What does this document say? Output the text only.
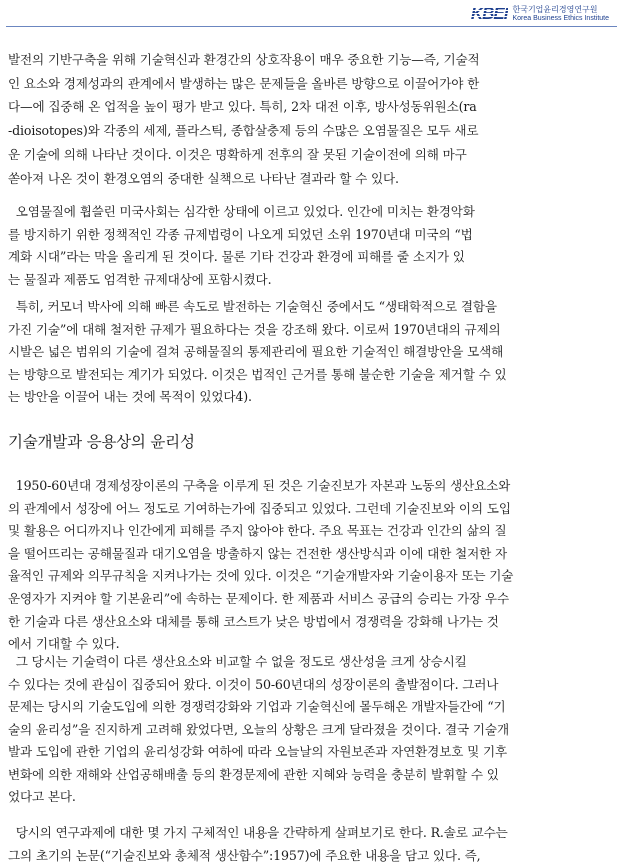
KBEI 한국기업윤리경영연구원
Korea Business Ethics Institute
발전의 기반구축을 위해 기술혁신과 환경간의 상호작용이 매우 중요한 기능—즉, 기술적
인 요소와 경제성과의 관계에서 발생하는 많은 문제들을 올바른 방향으로 이끌어가야 한
다—에 집중해 온 업적을 높이 평가 받고 있다. 특히, 2차 대전 이후, 방사성동위원소(ra
-dioisotopes)와 각종의 세제, 플라스틱, 종합살충제 등의 수많은 오염물질은 모두 새로
운 기술에 의해 나타난 것이다. 이것은 명확하게 전후의 잘 못된 기술이전에 의해 마구
쏟아져 나온 것이 환경오염의 중대한 실책으로 나타난 결과라 할 수 있다.
오염물질에 휩쓸린 미국사회는 심각한 상태에 이르고 있었다. 인간에 미치는 환경악화
를 방지하기 위한 정책적인 각종 규제법령이 나오게 되었던 소위 1970년대 미국의 “법
계화 시대”라는 막을 올리게 된 것이다. 물론 기타 건강과 환경에 피해를 줄 소지가 있
는 물질과 제품도 엄격한 규제대상에 포함시켰다.
특히, 커모너 박사에 의해 빠른 속도로 발전하는 기술혁신 중에서도 “생태학적으로 결함을
가진 기술”에 대해 철저한 규제가 필요하다는 것을 강조해 왔다. 이로써 1970년대의 규제의
시발은 넓은 범위의 기술에 걸쳐 공해물질의 통제관리에 필요한 기술적인 해결방안을 모색해
는 방향으로 발전되는 계기가 되었다. 이것은 법적인 근거를 통해 불순한 기술을 제거할 수 있
는 방안을 이끌어 내는 것에 목적이 있었다4).
기술개발과 응용상의 윤리성
1950-60년대 경제성장이론의 구축을 이루게 된 것은 기술진보가 자본과 노동의 생산요소와
의 관계에서 성장에 어느 정도로 기여하는가에 집중되고 있었다. 그런데 기술진보와 이의 도입
및 활용은 어디까지나 인간에게 피해를 주지 않아야 한다. 주요 목표는 건강과 인간의 삶의 질
을 떨어뜨리는 공해물질과 대기오염을 방출하지 않는 건전한 생산방식과 이에 대한 철저한 자
율적인 규제와 의무규칙을 지켜나가는 것에 있다. 이것은 “기술개발자와 기술이용자 또는 기술
운영자가 지켜야 할 기본윤리”에 속하는 문제이다. 한 제품과 서비스 공급의 승리는 가장 우수
한 기술과 다른 생산요소와 대체를 통해 코스트가 낮은 방법에서 경쟁력을 강화해 나가는 것
에서 기대할 수 있다.
그 당시는 기술력이 다른 생산요소와 비교할 수 없을 정도로 생산성을 크게 상승시킬
수 있다는 것에 관심이 집중되어 왔다. 이것이 50-60년대의 성장이론의 출발점이다. 그러나
문제는 당시의 기술도입에 의한 경쟁력강화와 기업과 기술혁신에 몰두해온 개발자들간에 “기
술의 윤리성”을 진지하게 고려해 왔었다면, 오늘의 상황은 크게 달라졌을 것이다. 결국 기술개
발과 도입에 관한 기업의 윤리성강화 여하에 따라 오늘날의 자원보존과 자연환경보호 및 기후
변화에 의한 재해와 산업공해배출 등의 환경문제에 관한 지혜와 능력을 충분히 발휘할 수 있
었다고 본다.
당시의 연구과제에 대한 몇 가지 구체적인 내용을 간략하게 살펴보기로 한다. R.솔로 교수는
그의 초기의 논문(“기술진보와 총체적 생산함수”:1957)에 주요한 내용을 담고 있다. 즉,
